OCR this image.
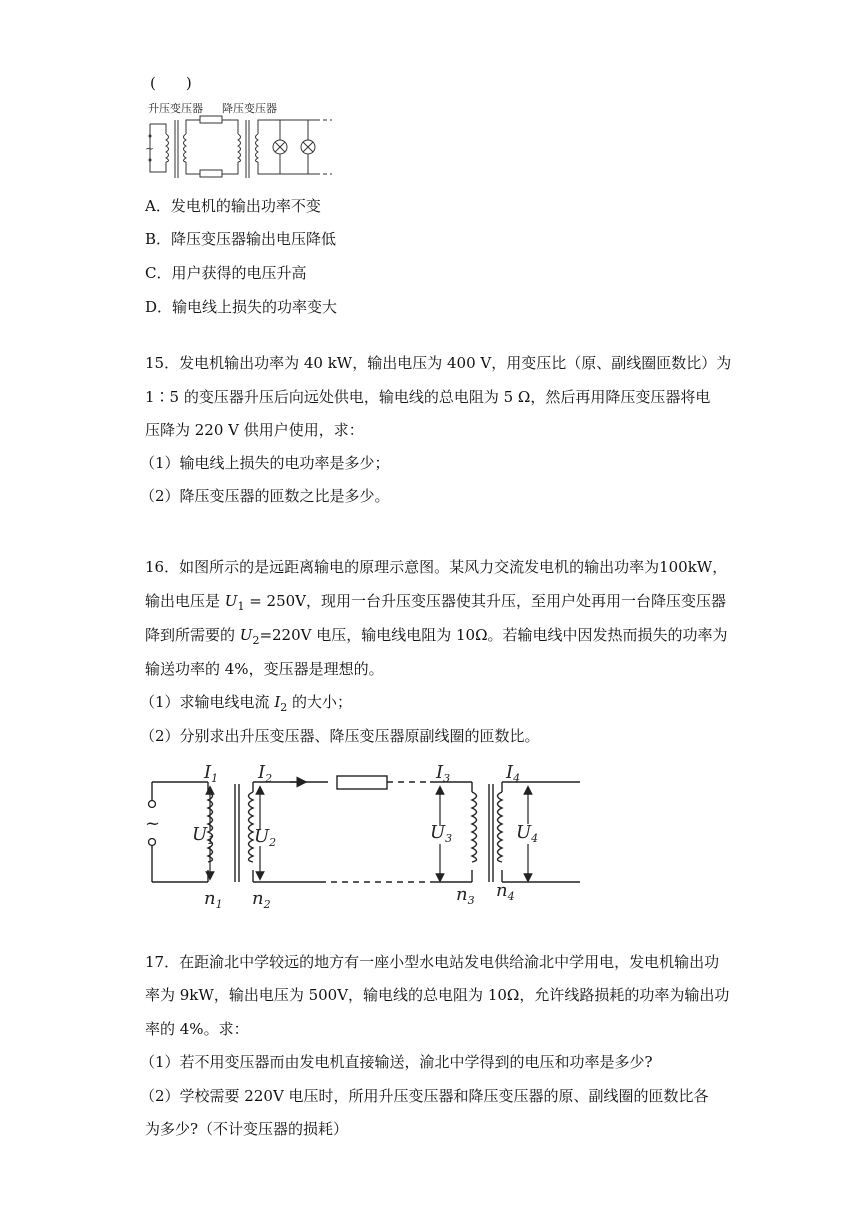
(　　)
升压变压器 降压变压器
~
A．发电机的输出功率不变
B．降压变压器输出电压降低
C．用户获得的电压升高
D．输电线上损失的功率变大
15．发电机输出功率为 40 kW，输出电压为 400 V，用变压比（原、副线圈匝数比）为
1∶5 的变压器升压后向远处供电，输电线的总电阻为 5 Ω，然后再用降压变压器将电
压降为 220 V 供用户使用，求：
（1）输电线上损失的电功率是多少；
（2）降压变压器的匝数之比是多少。
16．如图所示的是远距离输电的原理示意图。某风力交流发电机的输出功率为100kW，
输出电压是 $U_1 = 250V$，现用一台升压变压器使其升压，至用户处再用一台降压变压器
降到所需要的 $U_2=220V$ 电压，输电线电阻为 10Ω。若输电线中因发热而损失的功率为
输送功率的 4%，变压器是理想的。
（1）求输电线电流 $I_2$ 的大小；
（2）分别求出升压变压器、降压变压器原副线圈的匝数比。
~
$I_1$ $I_2$	$I_3$	$I_4$
$U_1$ $U_2$	$U_3$	$U_4$
$n_1$ $n_2$	$n_3$ $n_4$
17．在距渝北中学较远的地方有一座小型水电站发电供给渝北中学用电，发电机输出功
率为 9kW，输出电压为 500V，输电线的总电阻为 10Ω，允许线路损耗的功率为输出功
率的 4%。求：
（1）若不用变压器而由发电机直接输送，渝北中学得到的电压和功率是多少?
（2）学校需要 220V 电压时，所用升压变压器和降压变压器的原、副线圈的匝数比各
为多少?（不计变压器的损耗）
